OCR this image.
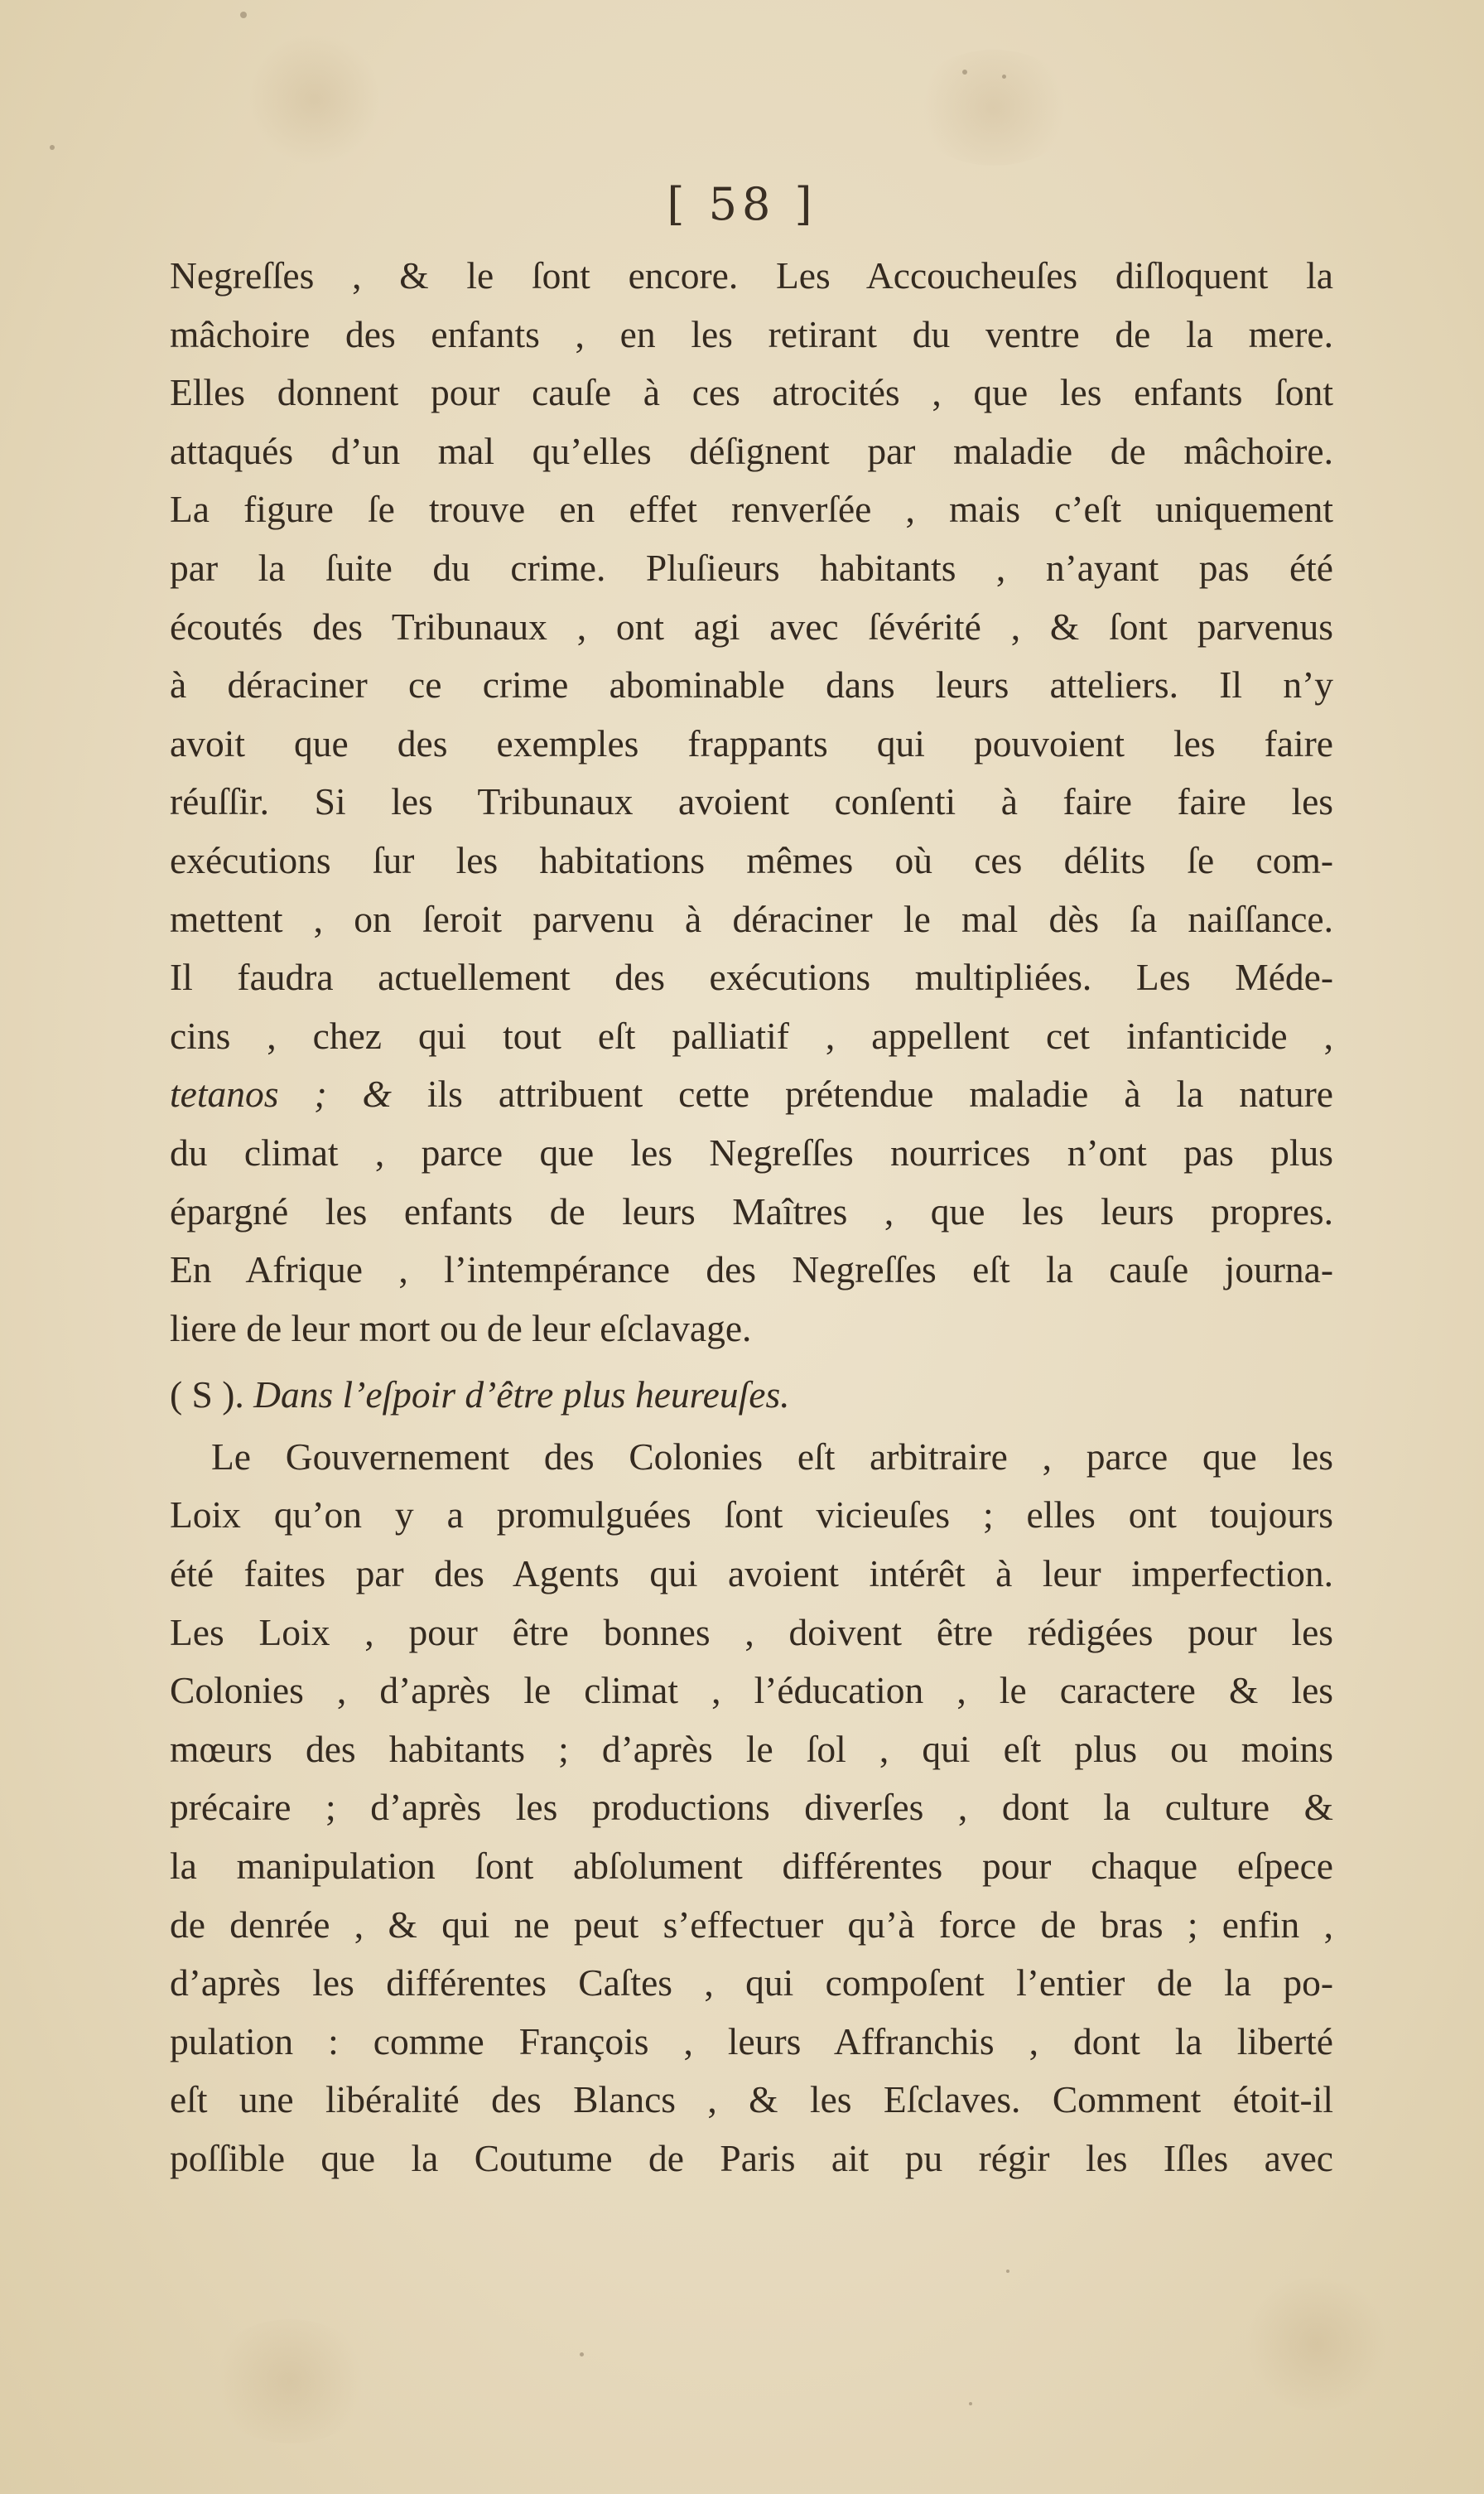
[ 58 ]
Negreſſes , & le ſont encore. Les Accoucheuſes diſloquent la
mâchoire des enfants , en les retirant du ventre de la mere.
Elles donnent pour cauſe à ces atrocités , que les enfants ſont
attaqués d’un mal qu’elles déſignent par maladie de mâchoire.
La figure ſe trouve en effet renverſée , mais c’eſt uniquement
par la ſuite du crime. Pluſieurs habitants , n’ayant pas été
écoutés des Tribunaux , ont agi avec ſévérité , & ſont parvenus
à déraciner ce crime abominable dans leurs atteliers. Il n’y
avoit que des exemples frappants qui pouvoient les faire
réuſſir. Si les Tribunaux avoient conſenti à faire faire les
exécutions ſur les habitations mêmes où ces délits ſe com-
mettent , on ſeroit parvenu à déraciner le mal dès ſa naiſſance.
Il faudra actuellement des exécutions multipliées. Les Méde-
cins , chez qui tout eſt palliatif , appellent cet infanticide ,
tetanos ; & ils attribuent cette prétendue maladie à la nature
du climat , parce que les Negreſſes nourrices n’ont pas plus
épargné les enfants de leurs Maîtres , que les leurs propres.
En Afrique , l’intempérance des Negreſſes eſt la cauſe journa-
liere de leur mort ou de leur eſclavage.
( S ). Dans l’eſpoir d’être plus heureuſes.
Le Gouvernement des Colonies eſt arbitraire , parce que les
Loix qu’on y a promulguées ſont vicieuſes ; elles ont toujours
été faites par des Agents qui avoient intérêt à leur imperfection.
Les Loix , pour être bonnes , doivent être rédigées pour les
Colonies , d’après le climat , l’éducation , le caractere & les
mœurs des habitants ; d’après le ſol , qui eſt plus ou moins
précaire ; d’après les productions diverſes , dont la culture &
la manipulation ſont abſolument différentes pour chaque eſpece
de denrée , & qui ne peut s’effectuer qu’à force de bras ; enfin ,
d’après les différentes Caſtes , qui compoſent l’entier de la po-
pulation : comme François , leurs Affranchis , dont la liberté
eſt une libéralité des Blancs , & les Eſclaves. Comment étoit-il
poſſible que la Coutume de Paris ait pu régir les Iſles avec
